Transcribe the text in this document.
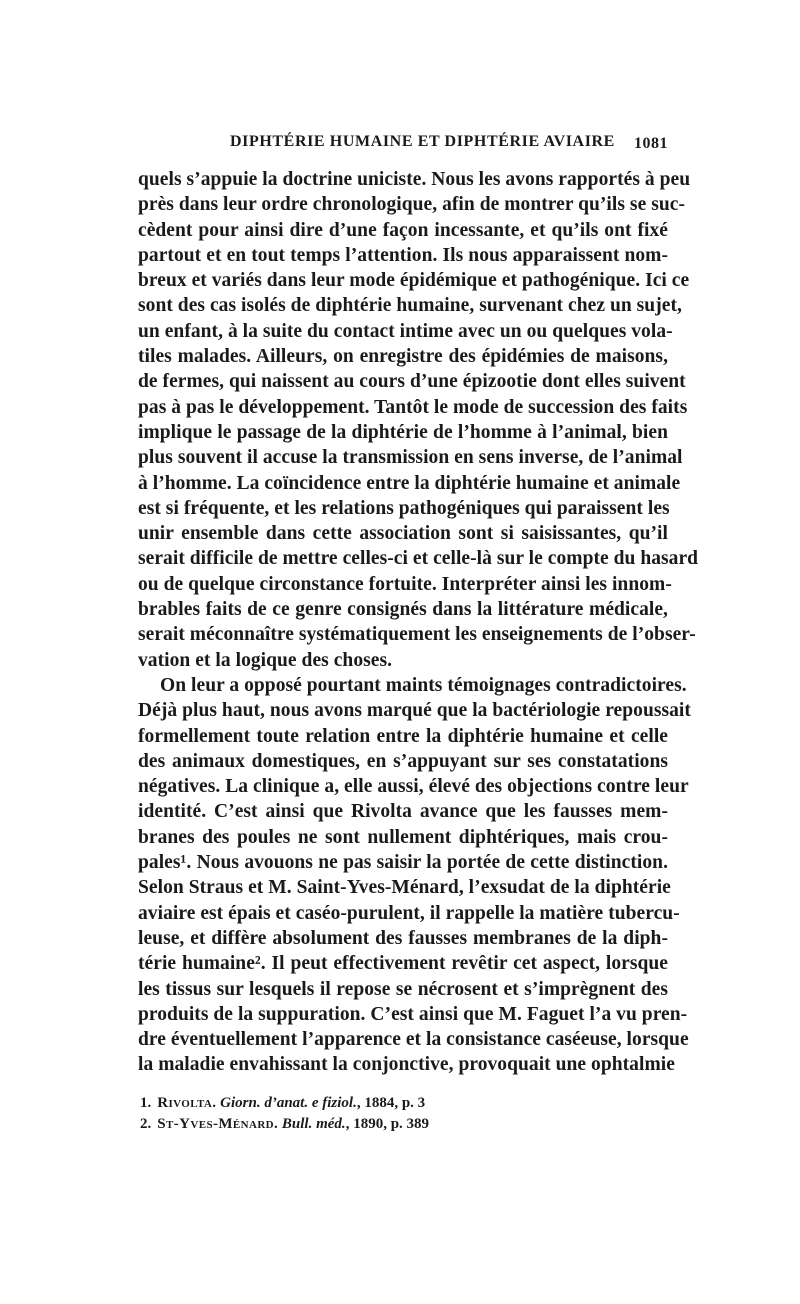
DIPHTÉRIE HUMAINE ET DIPHTÉRIE AVIAIRE 1081
quels s’appuie la doctrine uniciste. Nous les avons rapportés à peu
près dans leur ordre chronologique, afin de montrer qu’ils se suc-
cèdent pour ainsi dire d’une façon incessante, et qu’ils ont fixé
partout et en tout temps l’attention. Ils nous apparaissent nom-
breux et variés dans leur mode épidémique et pathogénique. Ici ce
sont des cas isolés de diphtérie humaine, survenant chez un sujet,
un enfant, à la suite du contact intime avec un ou quelques vola-
tiles malades. Ailleurs, on enregistre des épidémies de maisons,
de fermes, qui naissent au cours d’une épizootie dont elles suivent
pas à pas le développement. Tantôt le mode de succession des faits
implique le passage de la diphtérie de l’homme à l’animal, bien
plus souvent il accuse la transmission en sens inverse, de l’animal
à l’homme. La coïncidence entre la diphtérie humaine et animale
est si fréquente, et les relations pathogéniques qui paraissent les
unir ensemble dans cette association sont si saisissantes, qu’il
serait difficile de mettre celles-ci et celle-là sur le compte du hasard
ou de quelque circonstance fortuite. Interpréter ainsi les innom-
brables faits de ce genre consignés dans la littérature médicale,
serait méconnaître systématiquement les enseignements de l’obser-
vation et la logique des choses.
On leur a opposé pourtant maints témoignages contradictoires.
Déjà plus haut, nous avons marqué que la bactériologie repoussait
formellement toute relation entre la diphtérie humaine et celle
des animaux domestiques, en s’appuyant sur ses constatations
négatives. La clinique a, elle aussi, élevé des objections contre leur
identité. C’est ainsi que Rivolta avance que les fausses mem-
branes des poules ne sont nullement diphtériques, mais crou-
pales¹. Nous avouons ne pas saisir la portée de cette distinction.
Selon Straus et M. Saint-Yves-Ménard, l’exsudat de la diphtérie
aviaire est épais et caséo-purulent, il rappelle la matière tubercu-
leuse, et diffère absolument des fausses membranes de la diph-
térie humaine². Il peut effectivement revêtir cet aspect, lorsque
les tissus sur lesquels il repose se nécrosent et s’imprègnent des
produits de la suppuration. C’est ainsi que M. Faguet l’a vu pren-
dre éventuellement l’apparence et la consistance caséeuse, lorsque
la maladie envahissant la conjonctive, provoquait une ophtalmie
1. Rivolta. Giorn. d’anat. e fiziol., 1884, p. 3
2. St-Yves-Ménard. Bull. méd., 1890, p. 389
